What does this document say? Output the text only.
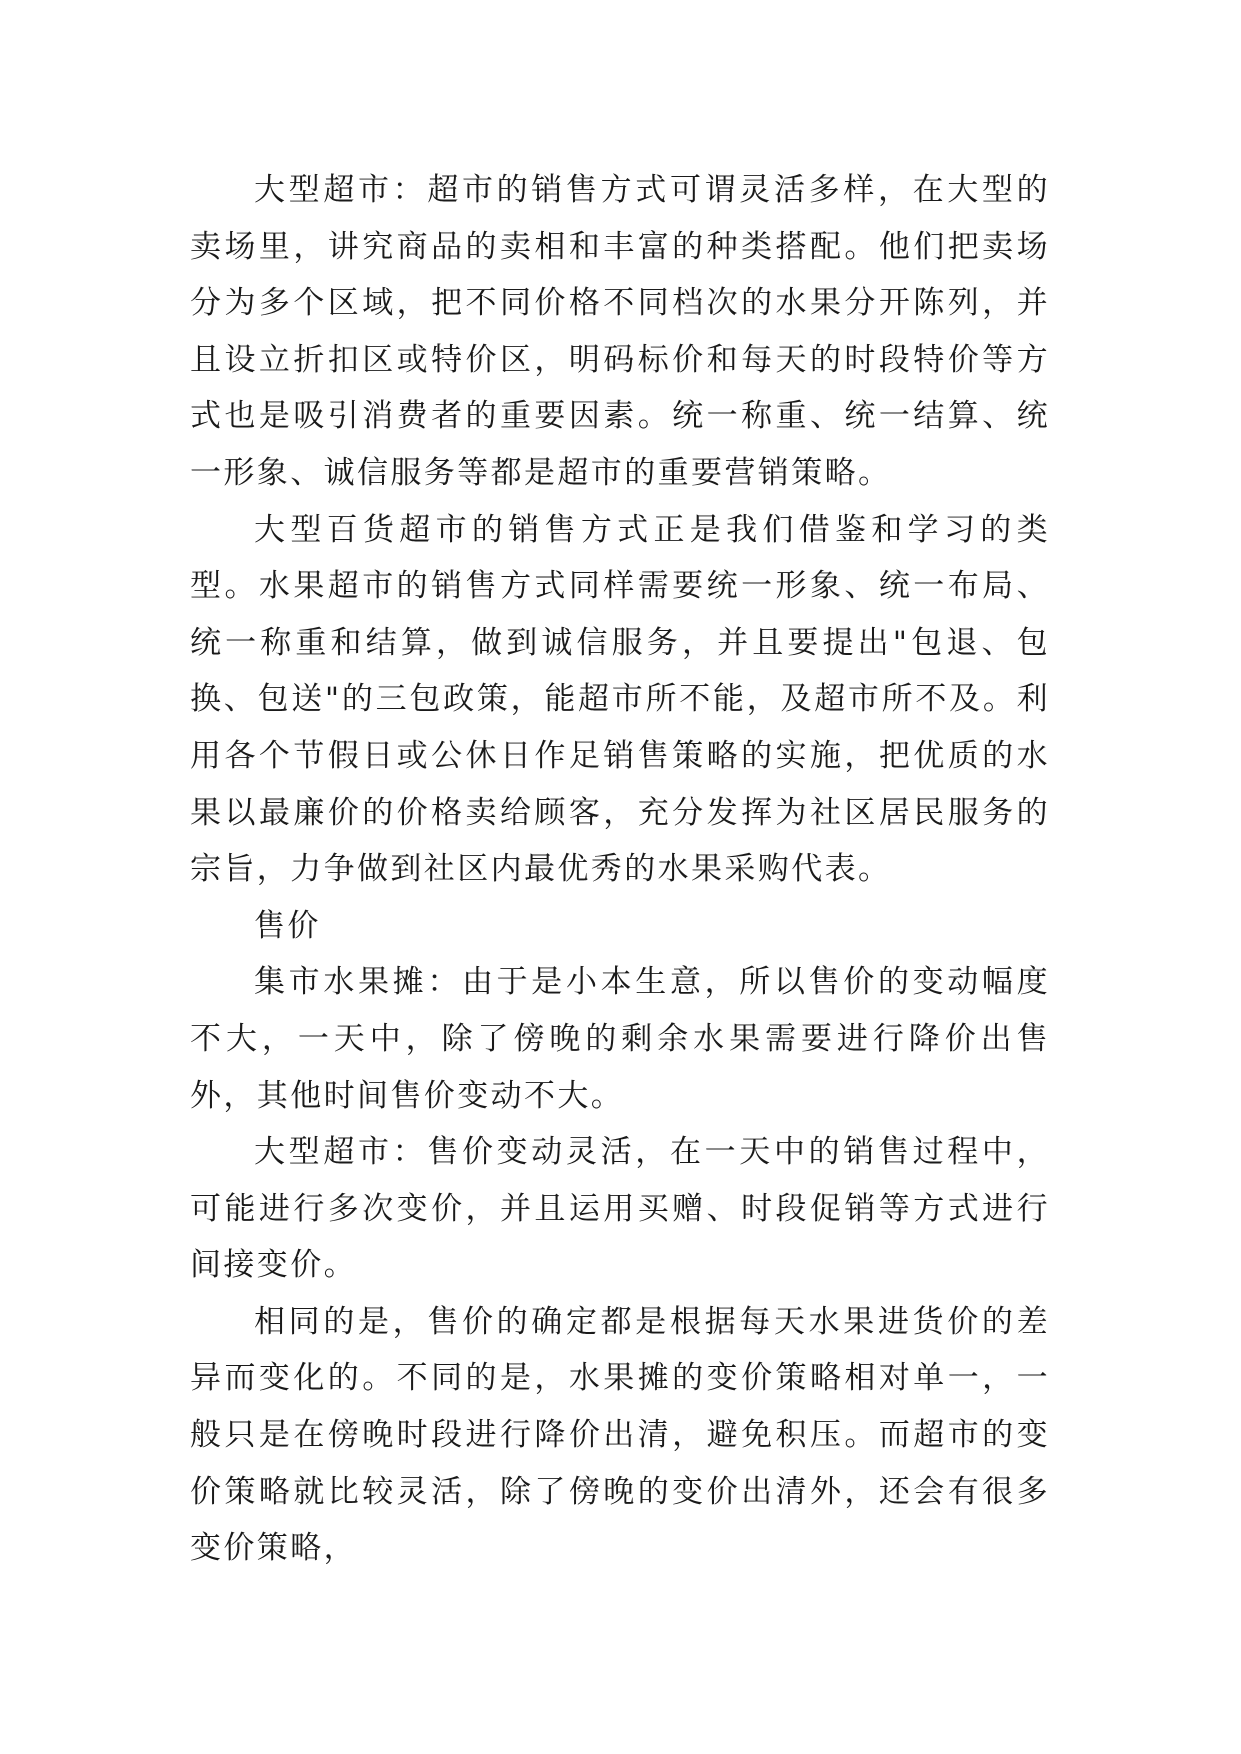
大型超市：超市的销售方式可谓灵活多样，在大型的卖场里，讲究商品的卖相和丰富的种类搭配。他们把卖场分为多个区域，把不同价格不同档次的水果分开陈列，并且设立折扣区或特价区，明码标价和每天的时段特价等方式也是吸引消费者的重要因素。统一称重、统一结算、统一形象、诚信服务等都是超市的重要营销策略。

大型百货超市的销售方式正是我们借鉴和学习的类型。水果超市的销售方式同样需要统一形象、统一布局、统一称重和结算，做到诚信服务，并且要提出"包退、包换、包送"的三包政策，能超市所不能，及超市所不及。利用各个节假日或公休日作足销售策略的实施，把优质的水果以最廉价的价格卖给顾客，充分发挥为社区居民服务的宗旨，力争做到社区内最优秀的水果采购代表。

售价

集市水果摊：由于是小本生意，所以售价的变动幅度不大，一天中，除了傍晚的剩余水果需要进行降价出售外，其他时间售价变动不大。

大型超市：售价变动灵活，在一天中的销售过程中，可能进行多次变价，并且运用买赠、时段促销等方式进行间接变价。

相同的是，售价的确定都是根据每天水果进货价的差异而变化的。不同的是，水果摊的变价策略相对单一，一般只是在傍晚时段进行降价出清，避免积压。而超市的变价策略就比较灵活，除了傍晚的变价出清外，还会有很多变价策略，
